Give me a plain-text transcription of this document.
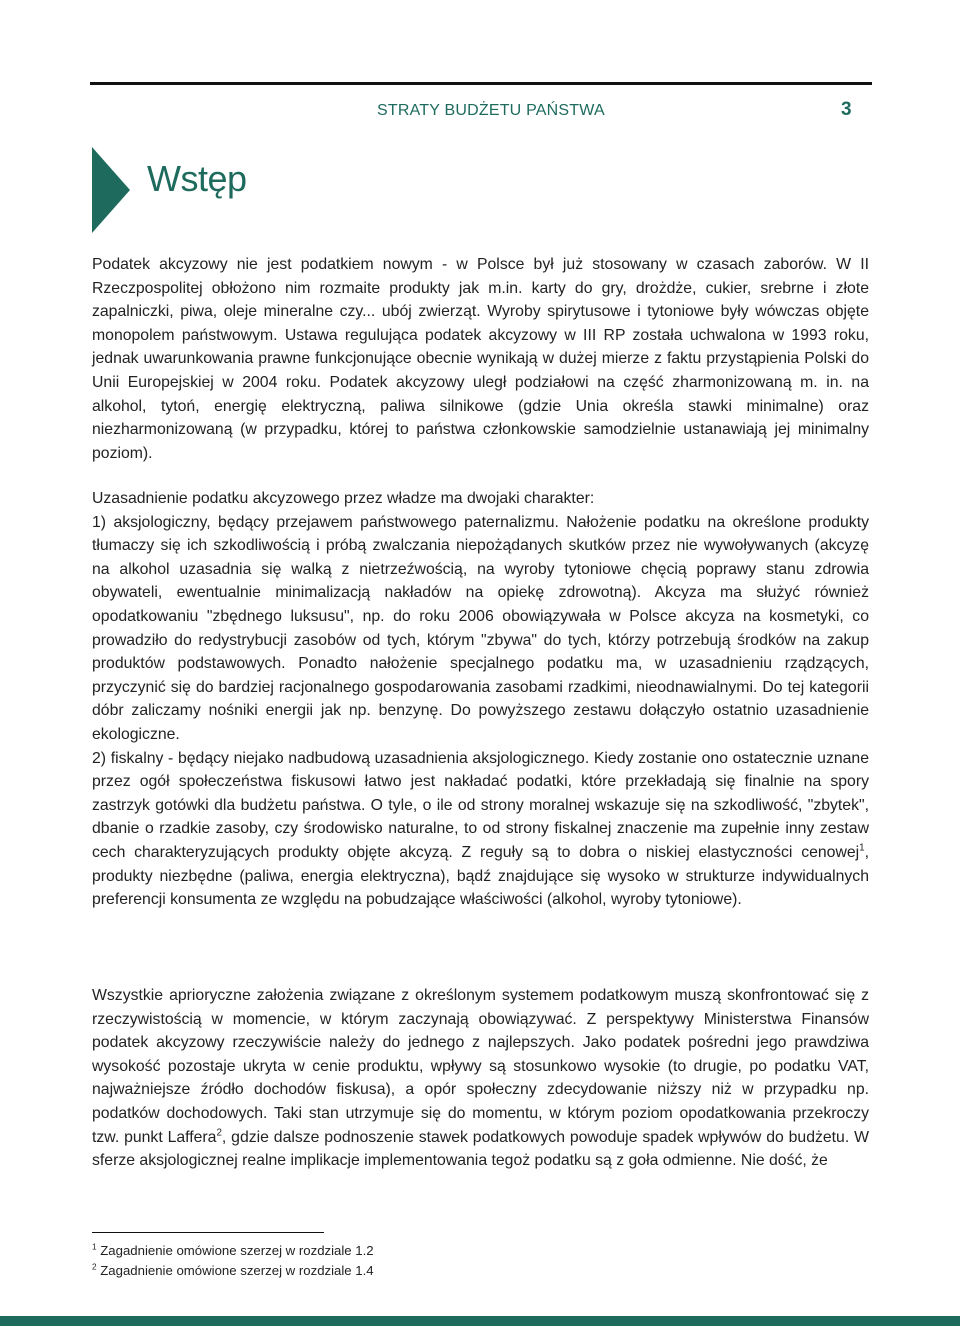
STRATY BUDŻETU PAŃSTWA	3
Wstęp

Podatek akcyzowy nie jest podatkiem nowym - w Polsce był już stosowany w czasach zaborów. W II Rzeczpospolitej obłożono nim rozmaite produkty jak m.in. karty do gry, drożdże, cukier, srebrne i złote zapalniczki, piwa, oleje mineralne czy... ubój zwierząt. Wyroby spirytusowe i tytoniowe były wówczas objęte monopolem państwowym. Ustawa regulująca podatek akcyzowy w III RP została uchwalona w 1993 roku, jednak uwarunkowania prawne funkcjonujące obecnie wynikają w dużej mierze z faktu przystąpienia Polski do Unii Europejskiej w 2004 roku. Podatek akcyzowy uległ podziałowi na część zharmonizowaną m. in. na alkohol, tytoń, energię elektryczną, paliwa silnikowe (gdzie Unia określa stawki minimalne) oraz niezharmonizowaną (w przypadku, której to państwa członkowskie samodzielnie ustanawiają jej minimalny poziom).

Uzasadnienie podatku akcyzowego przez władze ma dwojaki charakter:

1) aksjologiczny, będący przejawem państwowego paternalizmu. Nałożenie podatku na określone produkty tłumaczy się ich szkodliwością i próbą zwalczania niepożądanych skutków przez nie wywoływanych (akcyzę na alkohol uzasadnia się walką z nietrzeźwością, na wyroby tytoniowe chęcią poprawy stanu zdrowia obywateli, ewentualnie minimalizacją nakładów na opiekę zdrowotną). Akcyza ma służyć również opodatkowaniu "zbędnego luksusu", np. do roku 2006 obowiązywała w Polsce akcyza na kosmetyki, co prowadziło do redystrybucji zasobów od tych, którym "zbywa" do tych, którzy potrzebują środków na zakup produktów podstawowych. Ponadto nałożenie specjalnego podatku ma, w uzasadnieniu rządzących, przyczynić się do bardziej racjonalnego gospodarowania zasobami rzadkimi, nieodnawialnymi. Do tej kategorii dóbr zaliczamy nośniki energii jak np. benzynę. Do powyższego zestawu dołączyło ostatnio uzasadnienie ekologiczne.

2) fiskalny - będący niejako nadbudową uzasadnienia aksjologicznego. Kiedy zostanie ono ostatecznie uznane przez ogół społeczeństwa fiskusowi łatwo jest nakładać podatki, które przekładają się finalnie na spory zastrzyk gotówki dla budżetu państwa. O tyle, o ile od strony moralnej wskazuje się na szkodliwość, "zbytek", dbanie o rzadkie zasoby, czy środowisko naturalne, to od strony fiskalnej znaczenie ma zupełnie inny zestaw cech charakteryzujących produkty objęte akcyzą. Z reguły są to dobra o niskiej elastyczności cenowej$^1$, produkty niezbędne (paliwa, energia elektryczna), bądź znajdujące się wysoko w strukturze indywidualnych preferencji konsumenta ze względu na pobudzające właściwości (alkohol, wyroby tytoniowe).

Wszystkie aprioryczne założenia związane z określonym systemem podatkowym muszą skonfrontować się z rzeczywistością w momencie, w którym zaczynają obowiązywać. Z perspektywy Ministerstwa Finansów podatek akcyzowy rzeczywiście należy do jednego z najlepszych. Jako podatek pośredni jego prawdziwa wysokość pozostaje ukryta w cenie produktu, wpływy są stosunkowo wysokie (to drugie, po podatku VAT, najważniejsze źródło dochodów fiskusa), a opór społeczny zdecydowanie niższy niż w przypadku np. podatków dochodowych. Taki stan utrzymuje się do momentu, w którym poziom opodatkowania przekroczy tzw. punkt Laffera$^2$, gdzie dalsze podnoszenie stawek podatkowych powoduje spadek wpływów do budżetu. W sferze aksjologicznej realne implikacje implementowania tegoż podatku są z goła odmienne. Nie dość, że

$^1$ Zagadnienie omówione szerzej w rozdziale 1.2
$^2$ Zagadnienie omówione szerzej w rozdziale 1.4
